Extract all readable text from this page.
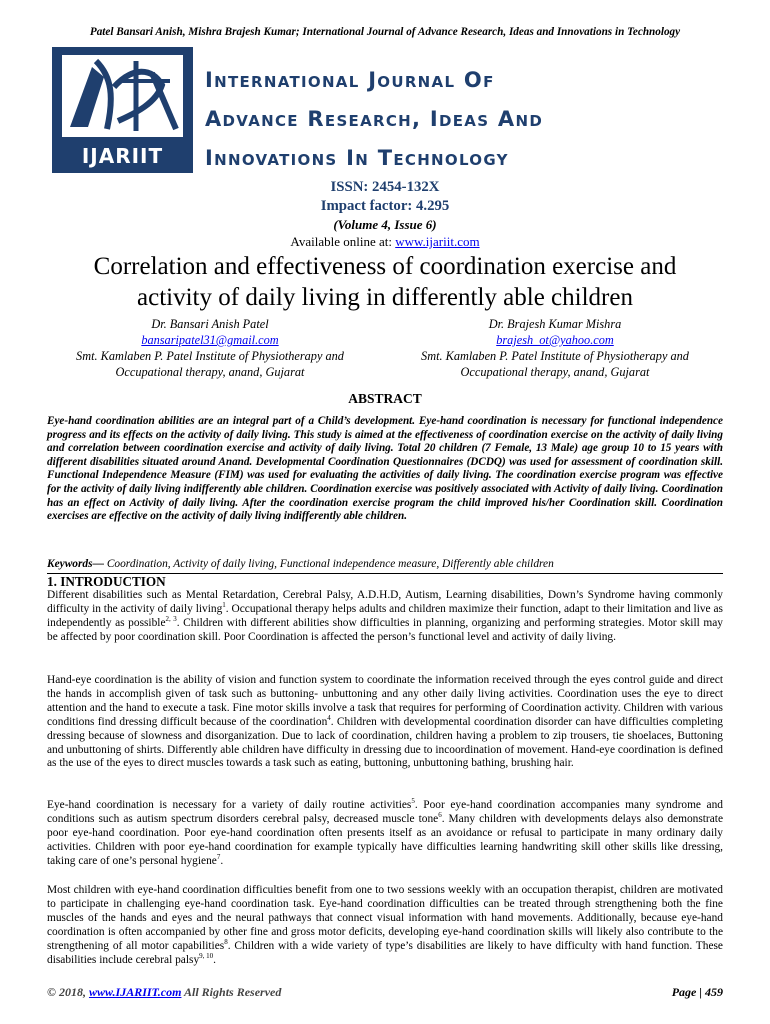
Patel Bansari Anish, Mishra Brajesh Kumar; International Journal of Advance Research, Ideas and Innovations in Technology
IJARIIT
International Journal Of
Advance Research, Ideas And
Innovations In Technology
ISSN: 2454-132X
Impact factor: 4.295
(Volume 4, Issue 6)
Available online at: www.ijariit.com
Correlation and effectiveness of coordination exercise and
activity of daily living in differently able children
Dr. Bansari Anish Patel
bansaripatel31@gmail.com
Smt. Kamlaben P. Patel Institute of Physiotherapy and
Occupational therapy, anand, Gujarat
Dr. Brajesh Kumar Mishra
brajesh_ot@yahoo.com
Smt. Kamlaben P. Patel Institute of Physiotherapy and
Occupational therapy, anand, Gujarat
ABSTRACT
Eye-hand coordination abilities are an integral part of a Child’s development. Eye-hand coordination is necessary for functional independence progress and its effects on the activity of daily living. This study is aimed at the effectiveness of coordination exercise on the activity of daily living and correlation between coordination exercise and activity of daily living. Total 20 children (7 Female, 13 Male) age group 10 to 15 years with different disabilities situated around Anand. Developmental Coordination Questionnaires (DCDQ) was used for assessment of coordination skill. Functional Independence Measure (FIM) was used for evaluating the activities of daily living. The coordination exercise program was effective for the activity of daily living indifferently able children. Coordination exercise was positively associated with Activity of daily living. Coordination has an effect on Activity of daily living. After the coordination exercise program the child improved his/her Coordination skill. Coordination exercises are effective on the activity of daily living indifferently able children.
Keywords— Coordination, Activity of daily living, Functional independence measure, Differently able children
1. INTRODUCTION
Different disabilities such as Mental Retardation, Cerebral Palsy, A.D.H.D, Autism, Learning disabilities, Down’s Syndrome having commonly difficulty in the activity of daily living$^1$. Occupational therapy helps adults and children maximize their function, adapt to their limitation and live as independently as possible$^{2, 3}$. Children with different abilities show difficulties in planning, organizing and performing strategies. Motor skill may be affected by poor coordination skill. Poor Coordination is affected the person’s functional level and activity of daily living.
Hand-eye coordination is the ability of vision and function system to coordinate the information received through the eyes control guide and direct the hands in accomplish given of task such as buttoning- unbuttoning and any other daily living activities. Coordination uses the eye to direct attention and the hand to execute a task. Fine motor skills involve a task that requires for performing of Coordination activity. Children with various conditions find dressing difficult because of the coordination$^4$. Children with developmental coordination disorder can have difficulties completing dressing because of slowness and disorganization. Due to lack of coordination, children having a problem to zip trousers, tie shoelaces, Buttoning and unbuttoning of shirts. Differently able children have difficulty in dressing due to incoordination of movement. Hand-eye coordination is defined as the use of the eyes to direct muscles towards a task such as eating, buttoning, unbuttoning bathing, brushing hair.
Eye-hand coordination is necessary for a variety of daily routine activities$^5$. Poor eye-hand coordination accompanies many syndrome and conditions such as autism spectrum disorders cerebral palsy, decreased muscle tone$^6$. Many children with developments delays also demonstrate poor eye-hand coordination. Poor eye-hand coordination often presents itself as an avoidance or refusal to participate in many ordinary daily activities. Children with poor eye-hand coordination for example typically have difficulties learning handwriting skill other skills like dressing, taking care of one’s personal hygiene$^7$.
Most children with eye-hand coordination difficulties benefit from one to two sessions weekly with an occupation therapist, children are motivated to participate in challenging eye-hand coordination task. Eye-hand coordination difficulties can be treated through strengthening both the fine muscles of the hands and eyes and the neural pathways that connect visual information with hand movements. Additionally, because eye-hand coordination is often accompanied by other fine and gross motor deficits, developing eye-hand coordination skills will likely also contribute to the strengthening of all motor capabilities$^8$. Children with a wide variety of type’s disabilities are likely to have difficulty with hand function. These disabilities include cerebral palsy$^{9, 10}$.
© 2018, www.IJARIIT.com All Rights Reserved	Page | 459
